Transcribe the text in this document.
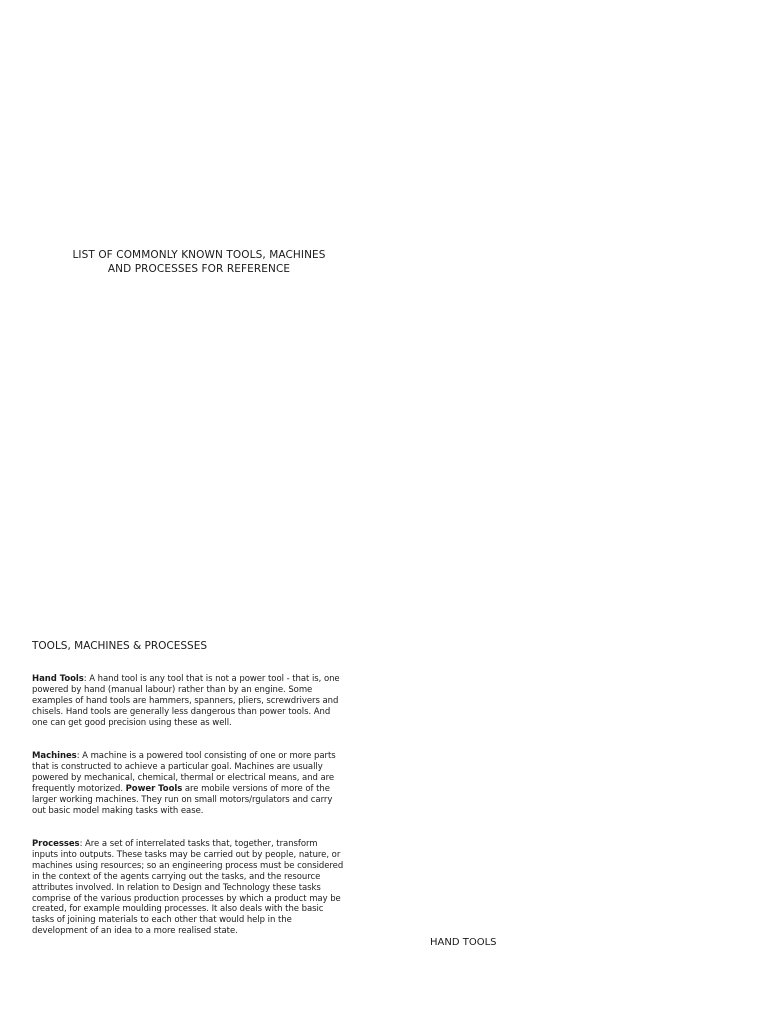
LIST OF COMMONLY KNOWN TOOLS, MACHINES
AND PROCESSES FOR REFERENCE
TOOLS, MACHINES & PROCESSES
Hand Tools: A hand tool is any tool that is not a power tool - that is, one powered by hand (manual labour) rather than by an engine. Some examples of hand tools are hammers, spanners, pliers, screwdrivers and chisels. Hand tools are generally less dangerous than power tools. And one can get good precision using these as well.
Machines: A machine is a powered tool consisting of one or more parts that is constructed to achieve a particular goal. Machines are usually powered by mechanical, chemical, thermal or electrical means, and are frequently motorized. Power Tools are mobile versions of more of the larger working machines. They run on small motors/rgulators and carry out basic model making tasks with ease.
Processes: Are a set of interrelated tasks that, together, transform inputs into outputs. These tasks may be carried out by people, nature, or machines using resources; so an engineering process must be considered in the context of the agents carrying out the tasks, and the resource attributes involved. In relation to Design and Technology these tasks comprise of the various production processes by which a product may be created, for example moulding processes. It also deals with the basic tasks of joining materials to each other that would help in the development of an idea to a more realised state.
HAND TOOLS
